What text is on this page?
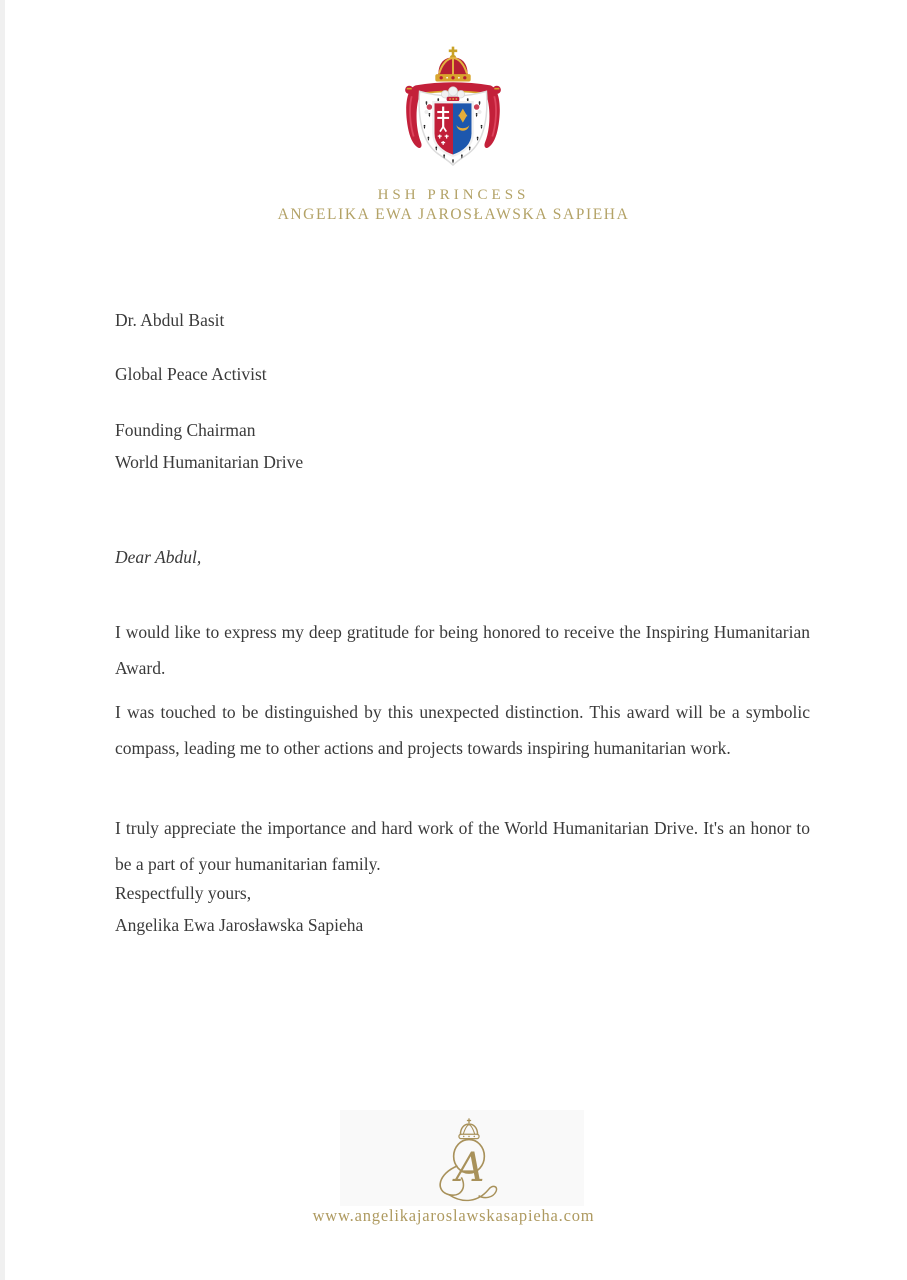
HSH PRINCESS
ANGELIKA EWA JAROSŁAWSKA SAPIEHA
Dr. Abdul Basit
Global Peace Activist
Founding Chairman
World Humanitarian Drive
Dear Abdul,

I would like to express my deep gratitude for being honored to receive the Inspiring Humanitarian Award.

I was touched to be distinguished by this unexpected distinction. This award will be a symbolic compass, leading me to other actions and projects towards inspiring humanitarian work.

I truly appreciate the importance and hard work of the World Humanitarian Drive. It's an honor to be a part of your humanitarian family.

Respectfully yours,
Angelika Ewa Jarosławska Sapieha
A
www.angelikajaroslawskasapieha.com
